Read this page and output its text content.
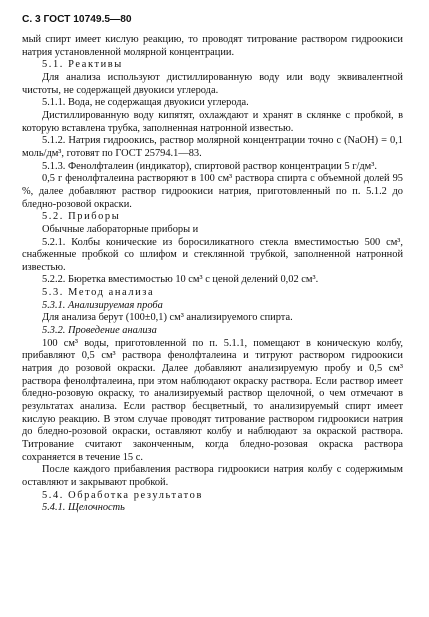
С. 3 ГОСТ 10749.5—80

мый спирт имеет кислую реакцию, то проводят титрование раствором гидроокиси натрия установленной молярной концентрации.

5.1. Реактивы

Для анализа используют дистиллированную воду или воду эквивалентной чистоты, не содержащей двуокиси углерода.

5.1.1. Вода, не содержащая двуокиси углерода.

Дистиллированную воду кипятят, охлаждают и хранят в склянке с пробкой, в которую вставлена трубка, заполненная натронной известью.

5.1.2. Натрия гидроокись, раствор молярной концентрации точно c (NaOH) = 0,1 моль/дм³, готовят по ГОСТ 25794.1—83.

5.1.3. Фенолфталеин (индикатор), спиртовой раствор концентрации 5 г/дм³.

0,5 г фенолфталеина растворяют в 100 см³ раствора спирта с объемной долей 95 %, далее добавляют раствор гидроокиси натрия, приготовленный по п. 5.1.2 до бледно-розовой окраски.

5.2. Приборы

Обычные лабораторные приборы и

5.2.1. Колбы конические из боросиликатного стекла вместимостью 500 см³, снабженные пробкой со шлифом и стеклянной трубкой, заполненной натронной известью.

5.2.2. Бюретка вместимостью 10 см³ с ценой делений 0,02 см³.

5.3. Метод анализа

5.3.1. Анализируемая проба

Для анализа берут (100±0,1) см³ анализируемого спирта.

5.3.2. Проведение анализа

100 см³ воды, приготовленной по п. 5.1.1, помещают в коническую колбу, прибавляют 0,5 см³ раствора фенолфталеина и титруют раствором гидроокиси натрия до розовой окраски. Далее добавляют анализируемую пробу и 0,5 см³ раствора фенолфталеина, при этом наблюдают окраску раствора. Если раствор имеет бледно-розовую окраску, то анализируемый раствор щелочной, о чем отмечают в результатах анализа. Если раствор бесцветный, то анализируемый спирт имеет кислую реакцию. В этом случае проводят титрование раствором гидроокиси натрия до бледно-розовой окраски, оставляют колбу и наблюдают за окраской раствора. Титрование считают законченным, когда бледно-розовая окраска раствора сохраняется в течение 15 с.

После каждого прибавления раствора гидроокиси натрия колбу с содержимым оставляют и закрывают пробкой.

5.4. Обработка результатов

5.4.1. Щелочность
